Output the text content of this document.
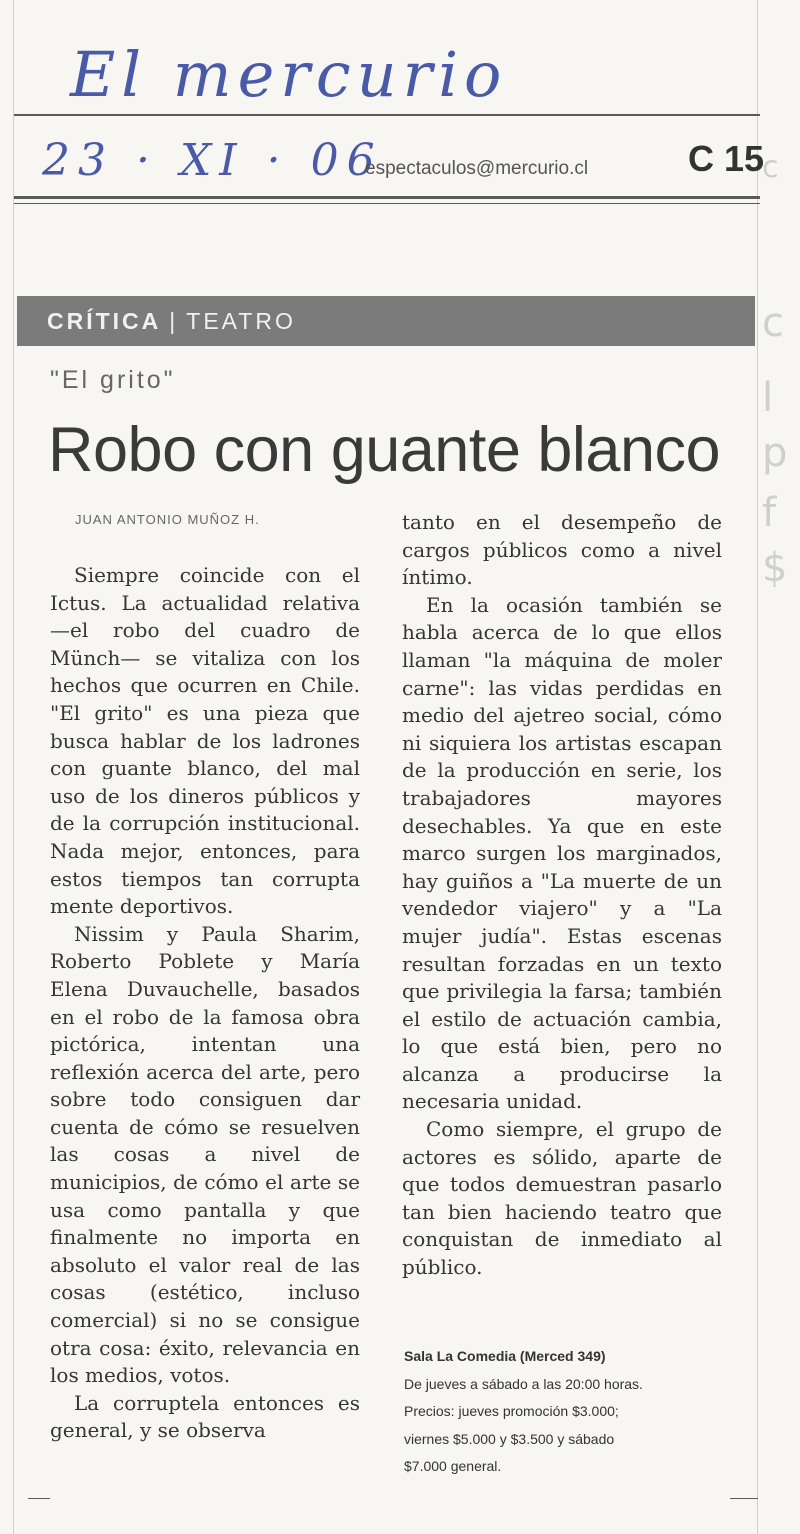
El mercurio
23 · XI · 06
espectaculos@mercurio.cl	C 15
CRÍTICA | TEATRO
"El grito"
Robo con guante blanco
JUAN ANTONIO MUÑOZ H.

Siempre coincide con el Ictus. La actualidad relativa —el robo del cuadro de Münch— se vitaliza con los hechos que ocurren en Chile. "El grito" es una pieza que busca hablar de los ladrones con guante blanco, del mal uso de los dineros públicos y de la corrupción institucional. Nada mejor, entonces, para estos tiempos tan corrupta mente deportivos.

Nissim y Paula Sharim, Roberto Poblete y María Elena Duvauchelle, basados en el robo de la famosa obra pictórica, intentan una reflexión acerca del arte, pero sobre todo consiguen dar cuenta de cómo se resuelven las cosas a nivel de municipios, de cómo el arte se usa como pantalla y que finalmente no importa en absoluto el valor real de las cosas (estético, incluso comercial) si no se consigue otra cosa: éxito, relevancia en los medios, votos.

La corruptela entonces es general, y se observa

tanto en el desempeño de cargos públicos como a nivel íntimo.

En la ocasión también se habla acerca de lo que ellos llaman "la máquina de moler carne": las vidas perdidas en medio del ajetreo social, cómo ni siquiera los artistas escapan de la producción en serie, los trabajadores mayores desechables. Ya que en este marco surgen los marginados, hay guiños a "La muerte de un vendedor viajero" y a "La mujer judía". Estas escenas resultan forzadas en un texto que privilegia la farsa; también el estilo de actuación cambia, lo que está bien, pero no alcanza a producirse la necesaria unidad.

Como siempre, el grupo de actores es sólido, aparte de que todos demuestran pasarlo tan bien haciendo teatro que conquistan de inmediato al público.

Sala La Comedia (Merced 349)
De jueves a sábado a las 20:00 horas.
Precios: jueves promoción $3.000;
viernes $5.000 y $3.500 y sábado
$7.000 general.
c
c
l
p
f
$
